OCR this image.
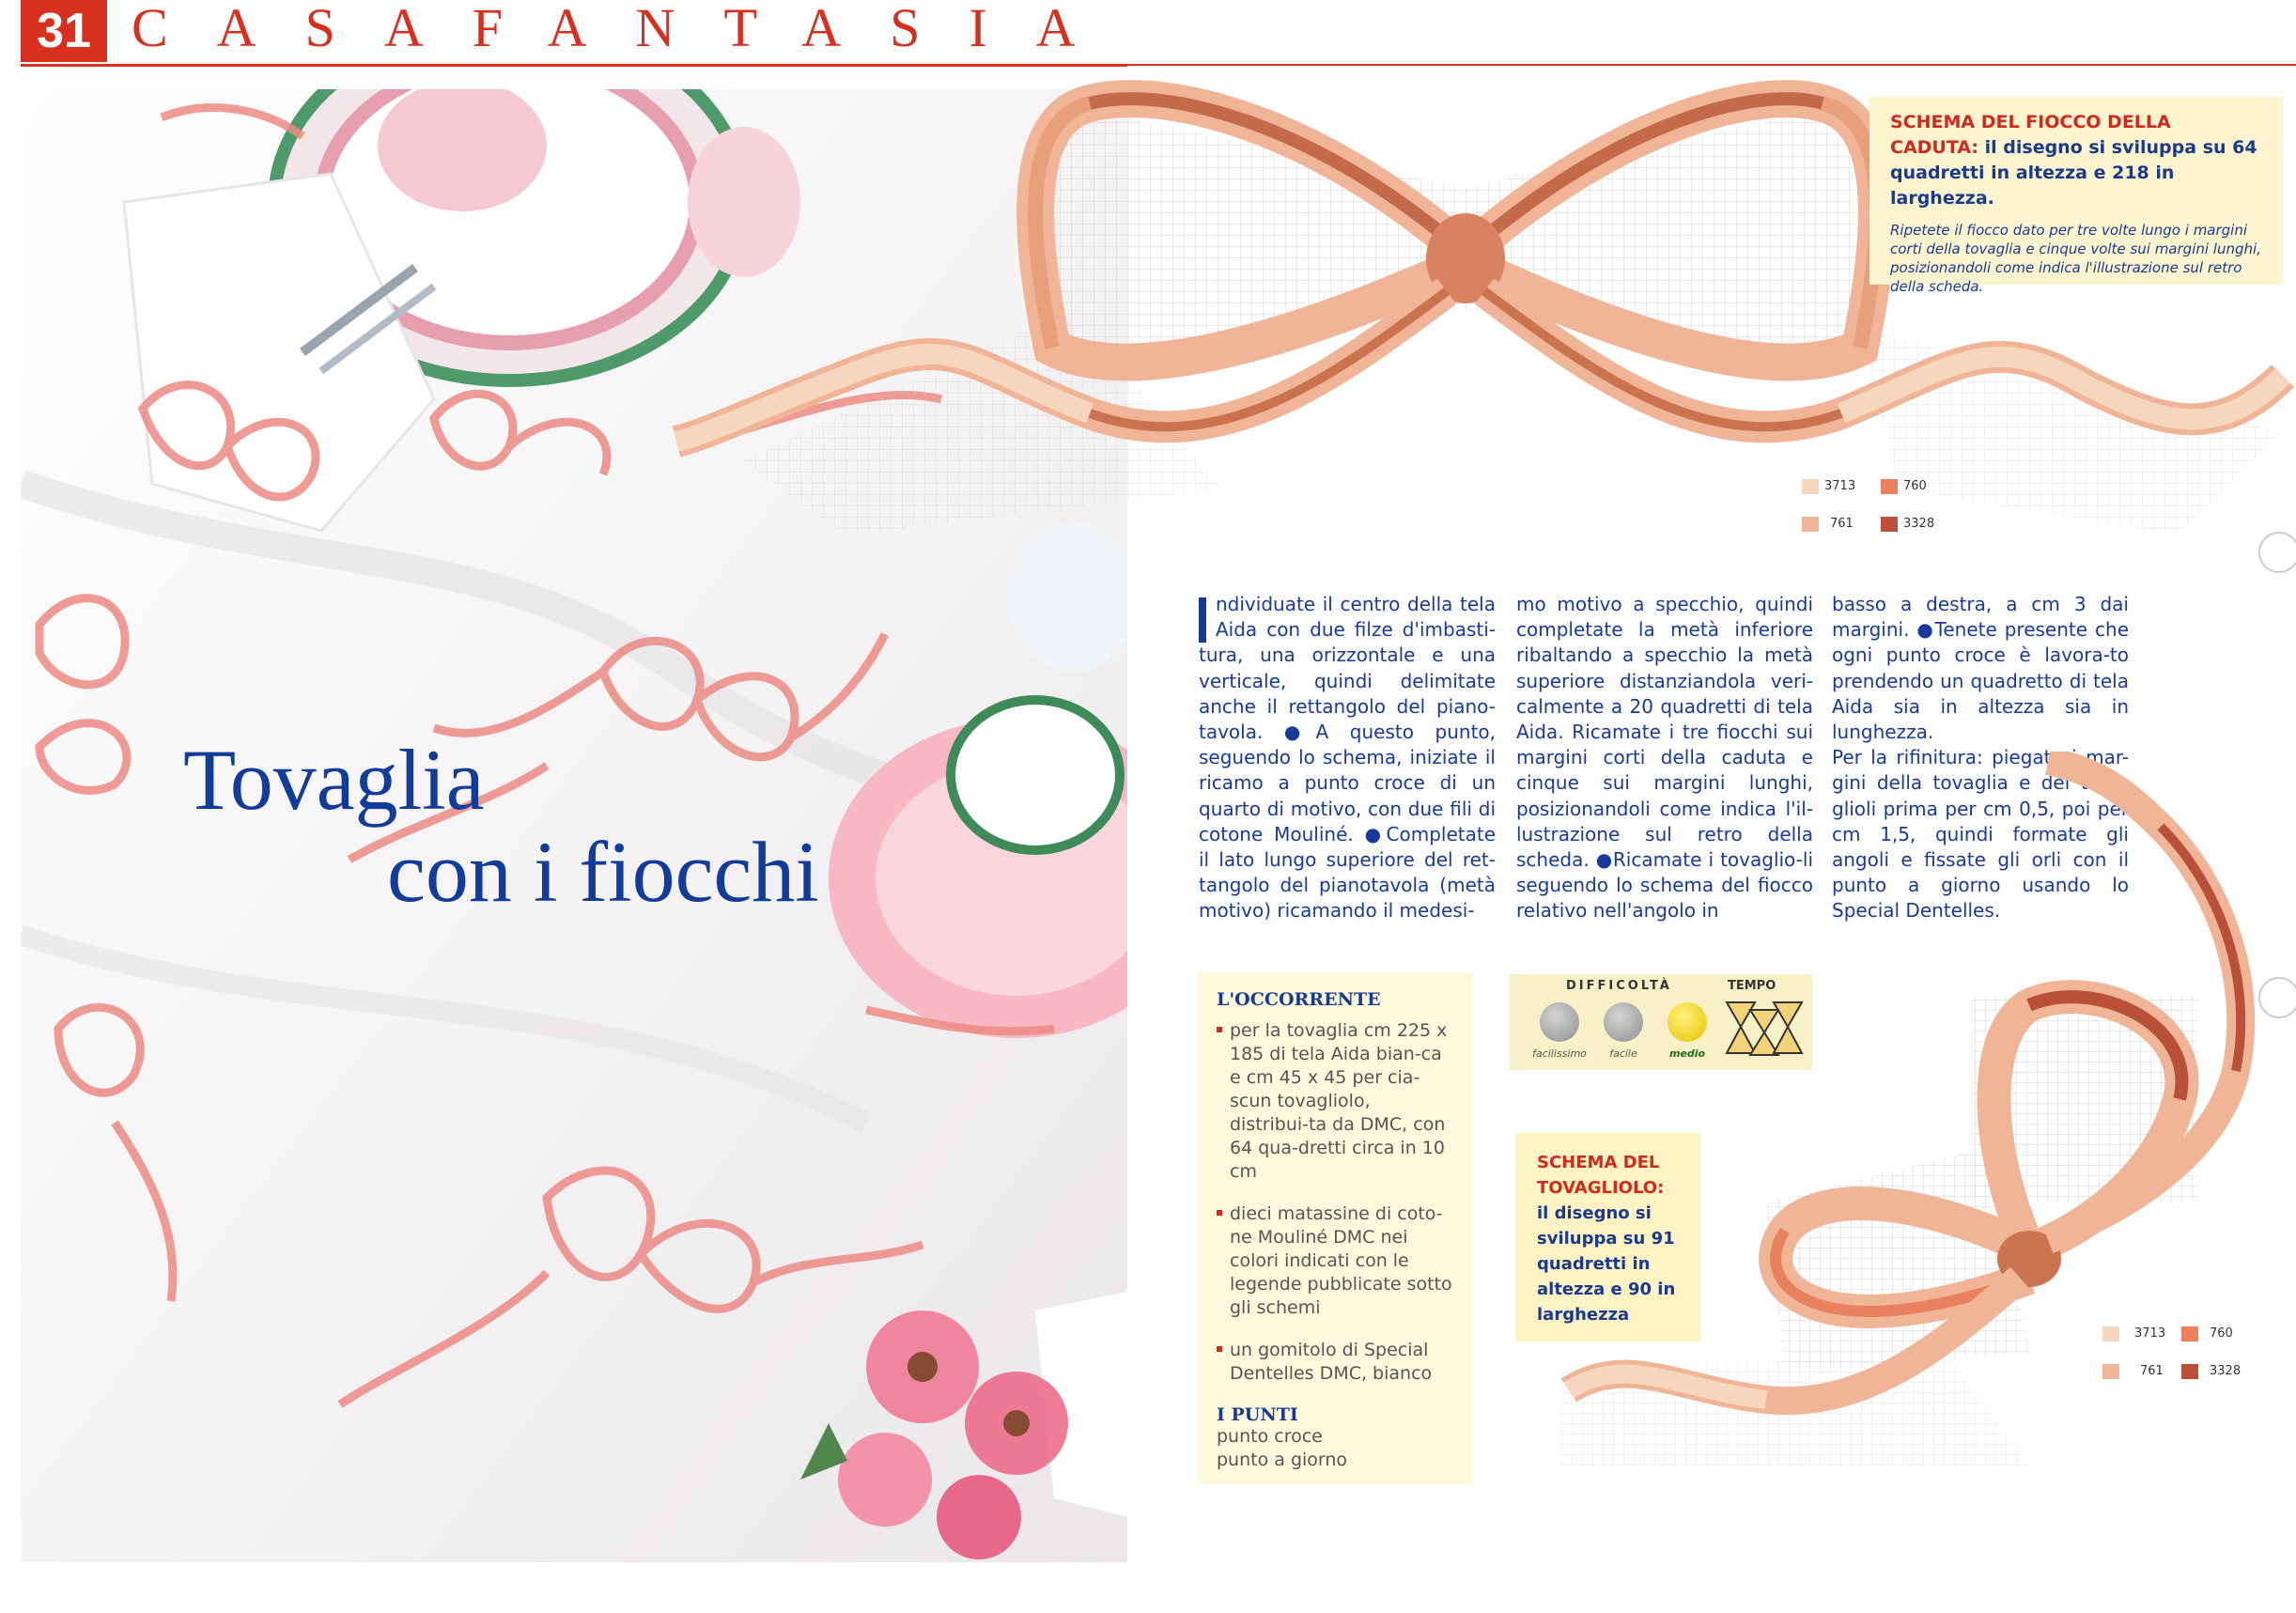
31 CASAFANTASIA
Tovaglia
con i fiocchi
3713	760
761	3328
SCHEMA DEL FIOCCO DELLA CADUTA: il disegno si sviluppa su 64 quadretti in altezza e 218 in larghezza.
Ripetete il fiocco dato per tre volte lungo i margini corti della tovaglia e cinque volte sui margini lunghi, posizionandoli come indica l'illustrazione sul retro della scheda.

ndividuate il centro della tela Aida con due filze d'imbasti-tura, una orizzontale e una verticale, quindi delimitate anche il rettangolo del piano-tavola. ●A questo punto, seguendo lo schema, iniziate il ricamo a punto croce di un quarto di motivo, con due fili di cotone Mouliné. ●Completate il lato lungo superiore del ret-tangolo del pianotavola (metà motivo) ricamando il medesi-

mo motivo a specchio, quindi completate la metà inferiore ribaltando a specchio la metà superiore distanziandola veri-calmente a 20 quadretti di tela Aida. Ricamate i tre fiocchi sui margini corti della caduta e cinque sui margini lunghi, posizionandoli come indica l'il-lustrazione sul retro della scheda. ●Ricamate i tovaglio-li seguendo lo schema del fiocco relativo nell'angolo in

basso a destra, a cm 3 dai margini. ●Tenete presente che ogni punto croce è lavora-to prendendo un quadretto di tela Aida sia in altezza sia in lunghezza.

Per la rifinitura: piegate i mar-gini della tovaglia e dei tova-glioli prima per cm 0,5, poi per cm 1,5, quindi formate gli angoli e fissate gli orli con il punto a giorno usando lo Special Dentelles.

L'OCCORRENTE
per la tovaglia cm 225 x 185 di tela Aida bian-ca e cm 45 x 45 per cia-scun tovagliolo, distribui-ta da DMC, con 64 qua-dretti circa in 10 cm
dieci matassine di coto-ne Mouliné DMC nei colori indicati con le legende pubblicate sotto gli schemi
un gomitolo di Special Dentelles DMC, bianco
I PUNTI
punto croce
punto a giorno
DIFFICOLTÀ	TEMPO
facilissimo	facile	medio
3713	760
761	3328
SCHEMA DEL TOVAGLIOLO: il disegno si sviluppa su 91 quadretti in altezza e 90 in larghezza
